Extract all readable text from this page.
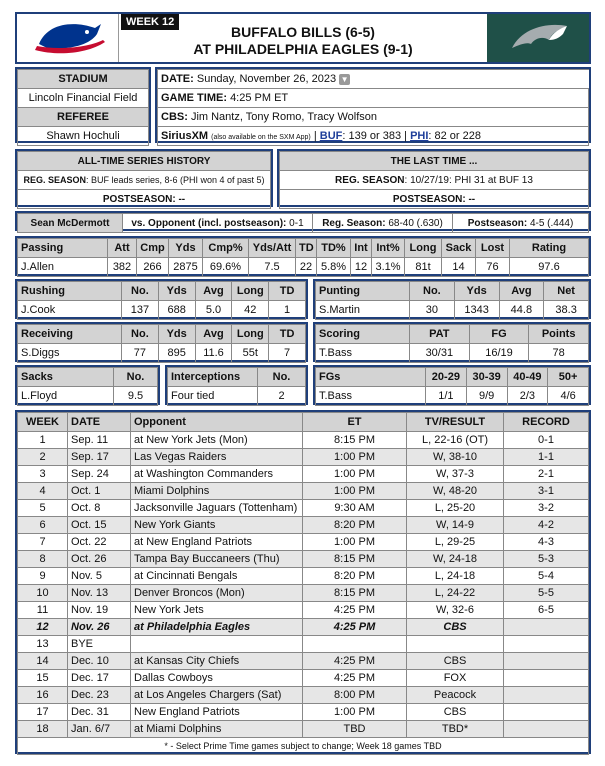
WEEK 12
BUFFALO BILLS (6-5)
AT PHILADELPHIA EAGLES (9-1)
STADIUM
Lincoln Financial Field
REFEREE
Shawn Hochuli
DATE: Sunday, November 26, 2023 ▼
GAME TIME: 4:25 PM ET
CBS: Jim Nantz, Tony Romo, Tracy Wolfson
SiriusXM (also available on the SXM App) | BUF: 139 or 383 | PHI: 82 or 228
ALL-TIME SERIES HISTORY
REG. SEASON: BUF leads series, 8-6 (PHI won 4 of past 5)
POSTSEASON: --
THE LAST TIME ...
REG. SEASON: 10/27/19: PHI 31 at BUF 13
POSTSEASON: --
Sean McDermott	vs. Opponent (incl. postseason): 0-1	Reg. Season: 68-40 (.630)	Postseason: 4-5 (.444)
Passing	Att	Cmp	Yds	Cmp%	Yds/Att	TD	TD%	Int	Int%	Long	Sack	Lost	Rating
J.Allen	382	266	2875	69.6%	7.5	22	5.8%	12	3.1%	81t	14	76	97.6
Rushing	No.	Yds	Avg	Long	TD
J.Cook	137	688	5.0	42	1
Punting	No.	Yds	Avg	Net
S.Martin	30	1343	44.8	38.3
Receiving	No.	Yds	Avg	Long	TD
S.Diggs	77	895	11.6	55t	7
Scoring	PAT	FG	Points
T.Bass	30/31	16/19	78
Sacks	No.
L.Floyd	9.5
Interceptions	No.
Four tied	2
FGs	20-29	30-39	40-49	50+
T.Bass	1/1	9/9	2/3	4/6
WEEK	DATE	Opponent	ET	TV/RESULT	RECORD
1	Sep. 11	at New York Jets (Mon)	8:15 PM	L, 22-16 (OT)	0-1
2	Sep. 17	Las Vegas Raiders	1:00 PM	W, 38-10	1-1
3	Sep. 24	at Washington Commanders	1:00 PM	W, 37-3	2-1
4	Oct. 1	Miami Dolphins	1:00 PM	W, 48-20	3-1
5	Oct. 8	Jacksonville Jaguars (Tottenham)	9:30 AM	L, 25-20	3-2
6	Oct. 15	New York Giants	8:20 PM	W, 14-9	4-2
7	Oct. 22	at New England Patriots	1:00 PM	L, 29-25	4-3
8	Oct. 26	Tampa Bay Buccaneers (Thu)	8:15 PM	W, 24-18	5-3
9	Nov. 5	at Cincinnati Bengals	8:20 PM	L, 24-18	5-4
10	Nov. 13	Denver Broncos (Mon)	8:15 PM	L, 24-22	5-5
11	Nov. 19	New York Jets	4:25 PM	W, 32-6	6-5
12	Nov. 26	at Philadelphia Eagles	4:25 PM	CBS	
13	BYE				
14	Dec. 10	at Kansas City Chiefs	4:25 PM	CBS	
15	Dec. 17	Dallas Cowboys	4:25 PM	FOX	
16	Dec. 23	at Los Angeles Chargers (Sat)	8:00 PM	Peacock	
17	Dec. 31	New England Patriots	1:00 PM	CBS	
18	Jan. 6/7	at Miami Dolphins	TBD	TBD*	
* - Select Prime Time games subject to change; Week 18 games TBD					
